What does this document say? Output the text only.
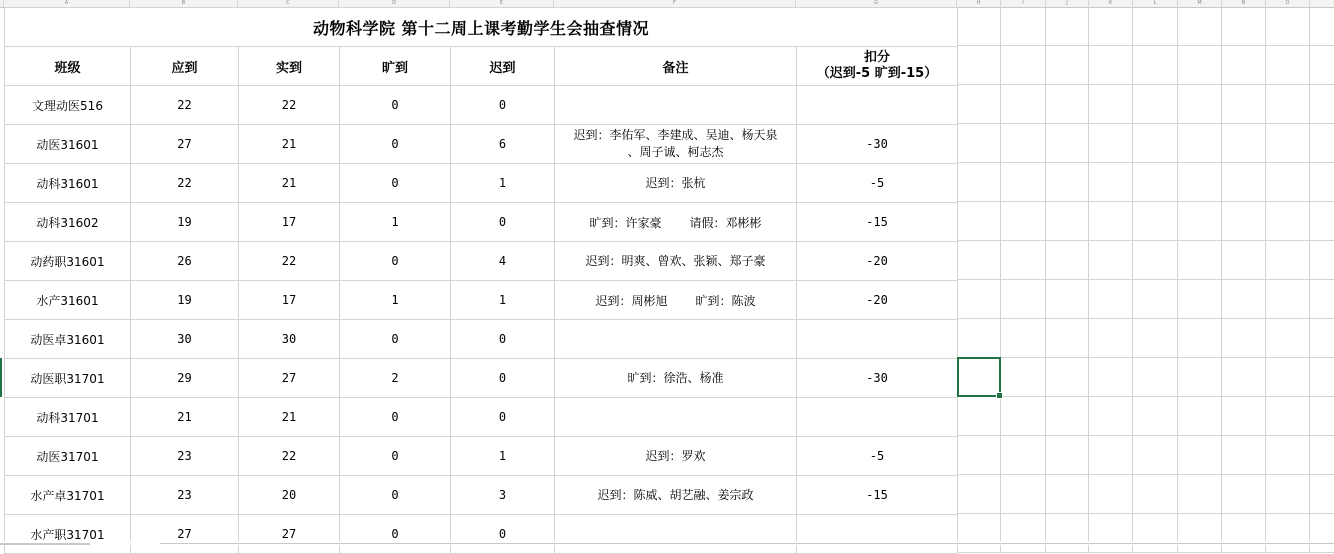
A	B	C	D	E	F	G	H	I	J	K	L	M	N	O
动物科学院 第十二周上课考勤学生会抽查情况						
班级	应到	实到	旷到	迟到	备注	扣分
（迟到-5 旷到-15）

文理动医516	22	22	0	0		
动医31601	27	21	0	6	迟到：李佑军、李建成、吴迪、杨天泉
、周子诚、柯志杰	-30
动科31601	22	21	0	1	迟到：张杭	-5
动科31602	19	17	1	0	旷到：许家豪 请假：邓彬彬	-15
动药职31601	26	22	0	4	迟到：明爽、曾欢、张颖、郑子豪	-20
水产31601	19	17	1	1	迟到：周彬旭 旷到：陈波	-20
动医卓31601	30	30	0	0		
动医职31701	29	27	2	0	旷到：徐浩、杨准	-30
动科31701	21	21	0	0		
动医31701	23	22	0	1	迟到：罗欢	-5
水产卓31701	23	20	0	3	迟到：陈威、胡艺融、姜宗政	-15
水产职31701	27	27	0	0		
